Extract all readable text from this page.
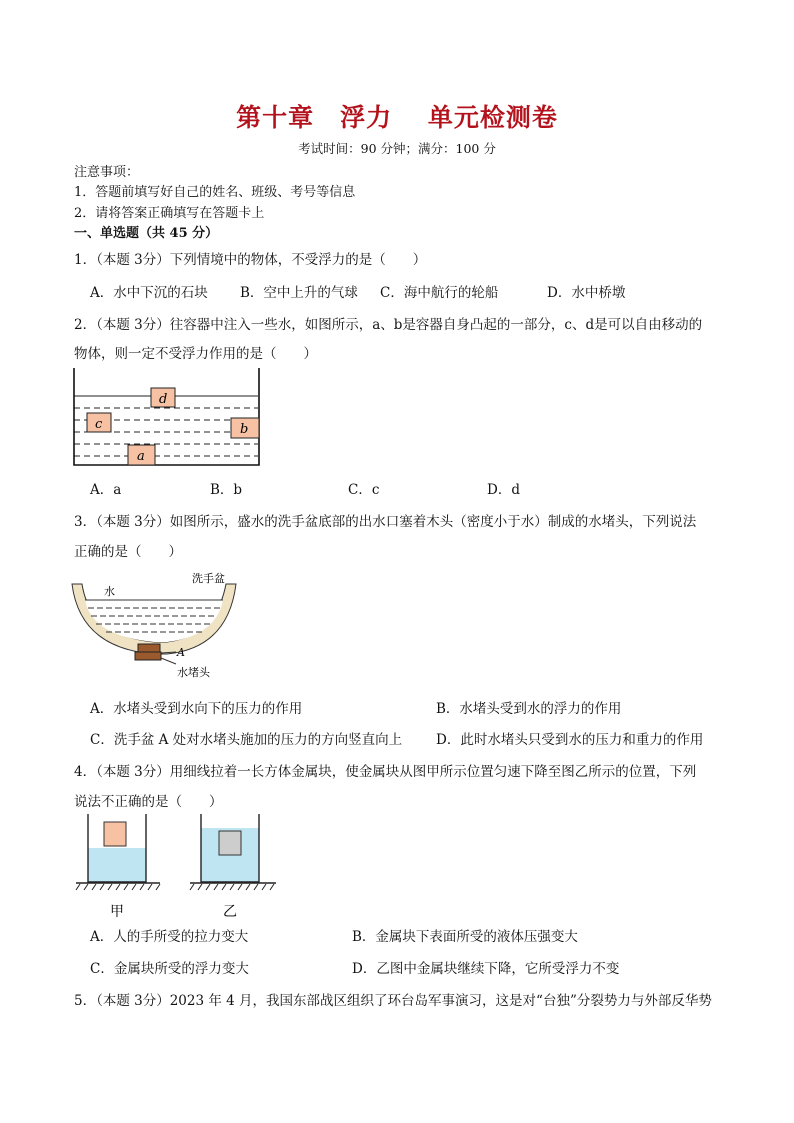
第十章　浮力　 单元检测卷
考试时间：90 分钟；满分：100 分
注意事项：
1．答题前填写好自己的姓名、班级、考号等信息
2．请将答案正确填写在答题卡上
一、单选题（共 45 分）
1．（本题 3分）下列情境中的物体，不受浮力的是（　　）
A．水中下沉的石块 B．空中上升的气球 C．海中航行的轮船	D．水中桥墩
2．（本题 3分）往容器中注入一些水，如图所示，a、b是容器自身凸起的一部分，c、d是可以自由移动的
物体，则一定不受浮力作用的是（　　）
d
c	b
a
A．a	B．b	C．c	D．d
3．（本题 3分）如图所示，盛水的洗手盆底部的出水口塞着木头（密度小于水）制成的水堵头，下列说法
正确的是（　　）
水
洗手盆
A
水堵头
A．水堵头受到水向下的压力的作用	B．水堵头受到水的浮力的作用
C．洗手盆 A 处对水堵头施加的压力的方向竖直向上	D．此时水堵头只受到水的压力和重力的作用
4．（本题 3分）用细线拉着一长方体金属块，使金属块从图甲所示位置匀速下降至图乙所示的位置，下列
说法不正确的是（　　）
甲	乙
A．人的手所受的拉力变大	B．金属块下表面所受的液体压强变大
C．金属块所受的浮力变大	D．乙图中金属块继续下降，它所受浮力不变
5．（本题 3分）2023 年 4 月，我国东部战区组织了环台岛军事演习，这是对“台独”分裂势力与外部反华势
